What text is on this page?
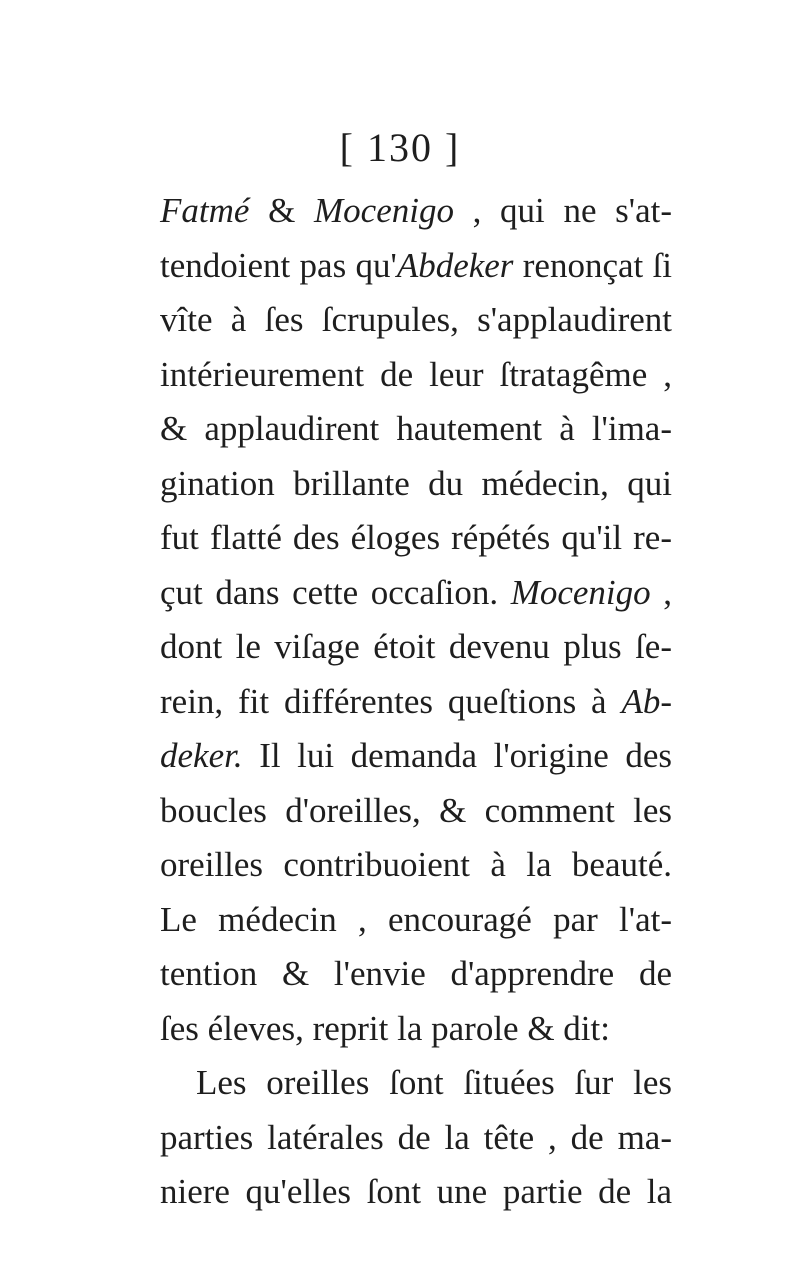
[ 130 ]
Fatmé & Mocenigo , qui ne s'at-
tendoient pas qu'Abdeker renonçat ſi
vîte à ſes ſcrupules, s'applaudirent
intérieurement de leur ſtratagême ,
& applaudirent hautement à l'ima-
gination brillante du médecin, qui
fut flatté des éloges répétés qu'il re-
çut dans cette occaſion. Mocenigo ,
dont le viſage étoit devenu plus ſe-
rein, fit différentes queſtions à Ab-
deker. Il lui demanda l'origine des
boucles d'oreilles, & comment les
oreilles contribuoient à la beauté.
Le médecin , encouragé par l'at-
tention & l'envie d'apprendre de
ſes éleves, reprit la parole & dit:
Les oreilles ſont ſituées ſur les
parties latérales de la tête , de ma-
niere qu'elles ſont une partie de la
